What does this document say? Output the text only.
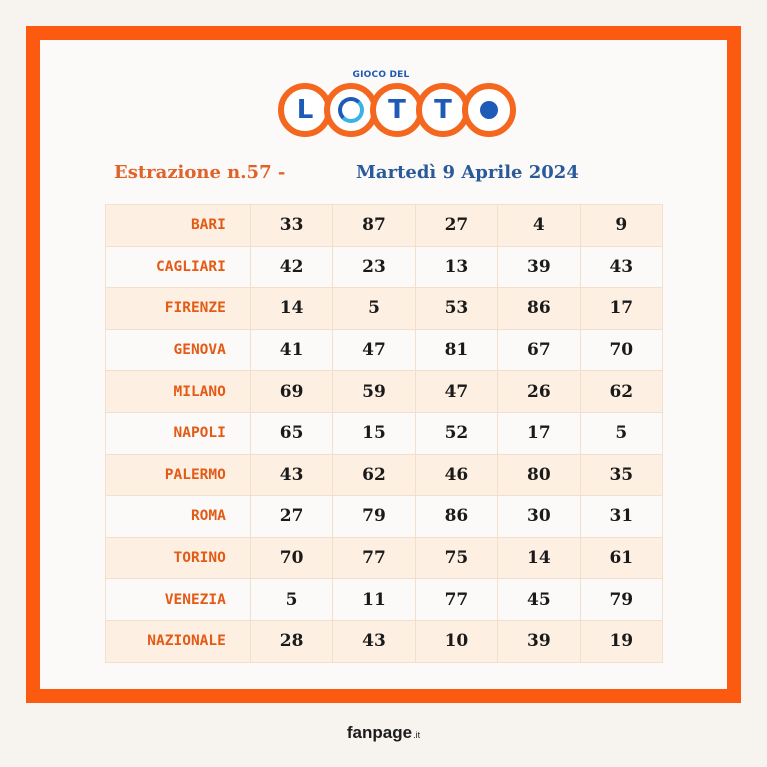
GIOCO DEL
L	T	T
Estrazione n.57 -	Martedì 9 Aprile 2024
BARI	33	87	27	4	9
CAGLIARI	42	23	13	39	43
FIRENZE	14	5	53	86	17
GENOVA	41	47	81	67	70
MILANO	69	59	47	26	62
NAPOLI	65	15	52	17	5
PALERMO	43	62	46	80	35
ROMA	27	79	86	30	31
TORINO	70	77	75	14	61
VENEZIA	5	11	77	45	79
NAZIONALE	28	43	10	39	19
fanpage.it
